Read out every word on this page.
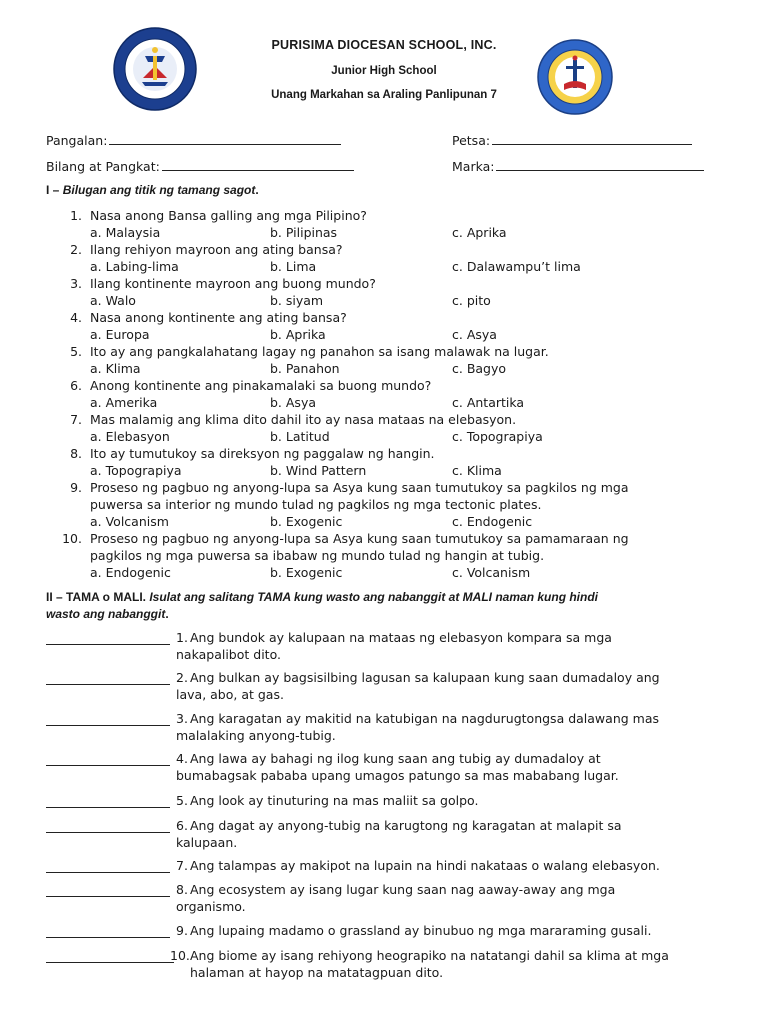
PURISIMA DIOCESAN SCHOOL, INC.
Junior High School
Unang Markahan sa Araling Panlipunan 7
Pangalan:	Petsa:
Bilang at Pangkat:	Marka:
I – Bilugan ang titik ng tamang sagot.
1. Nasa anong Bansa galling ang mga Pilipino?
a. Malaysia	b. Pilipinas	c. Aprika
2. Ilang rehiyon mayroon ang ating bansa?
a. Labing-lima	b. Lima	c. Dalawampu’t lima
3. Ilang kontinente mayroon ang buong mundo?
a. Walo	b. siyam	c. pito
4. Nasa anong kontinente ang ating bansa?
a. Europa	b. Aprika	c. Asya
5. Ito ay ang pangkalahatang lagay ng panahon sa isang malawak na lugar.
a. Klima	b. Panahon	c. Bagyo
6. Anong kontinente ang pinakamalaki sa buong mundo?
a. Amerika	b. Asya	c. Antartika
7. Mas malamig ang klima dito dahil ito ay nasa mataas na elebasyon.
a. Elebasyon	b. Latitud	c. Topograpiya
8. Ito ay tumutukoy sa direksyon ng paggalaw ng hangin.
a. Topograpiya	b. Wind Pattern	c. Klima
9. Proseso ng pagbuo ng anyong-lupa sa Asya kung saan tumutukoy sa pagkilos ng mga
puwersa sa interior ng mundo tulad ng pagkilos ng mga tectonic plates.
a. Volcanism	b. Exogenic	c. Endogenic
10. Proseso ng pagbuo ng anyong-lupa sa Asya kung saan tumutukoy sa pamamaraan ng
pagkilos ng mga puwersa sa ibabaw ng mundo tulad ng hangin at tubig.
a. Endogenic	b. Exogenic	c. Volcanism
II – TAMA o MALI. Isulat ang salitang TAMA kung wasto ang nabanggit at MALI naman kung hindi
wasto ang nabanggit.
1. Ang bundok ay kalupaan na mataas ng elebasyon kompara sa mga
nakapalibot dito.
2. Ang bulkan ay bagsisilbing lagusan sa kalupaan kung saan dumadaloy ang
lava, abo, at gas.
3. Ang karagatan ay makitid na katubigan na nagdurugtongsa dalawang mas
malalaking anyong-tubig.
4. Ang lawa ay bahagi ng ilog kung saan ang tubig ay dumadaloy at
bumabagsak pababa upang umagos patungo sa mas mababang lugar.
5. Ang look ay tinuturing na mas maliit sa golpo.
6. Ang dagat ay anyong-tubig na karugtong ng karagatan at malapit sa
kalupaan.
7. Ang talampas ay makipot na lupain na hindi nakataas o walang elebasyon.
8. Ang ecosystem ay isang lugar kung saan nag aaway-away ang mga
organismo.
9. Ang lupaing madamo o grassland ay binubuo ng mga mararaming gusali.
10. Ang biome ay isang rehiyong heograpiko na natatangi dahil sa klima at mga
halaman at hayop na matatagpuan dito.
